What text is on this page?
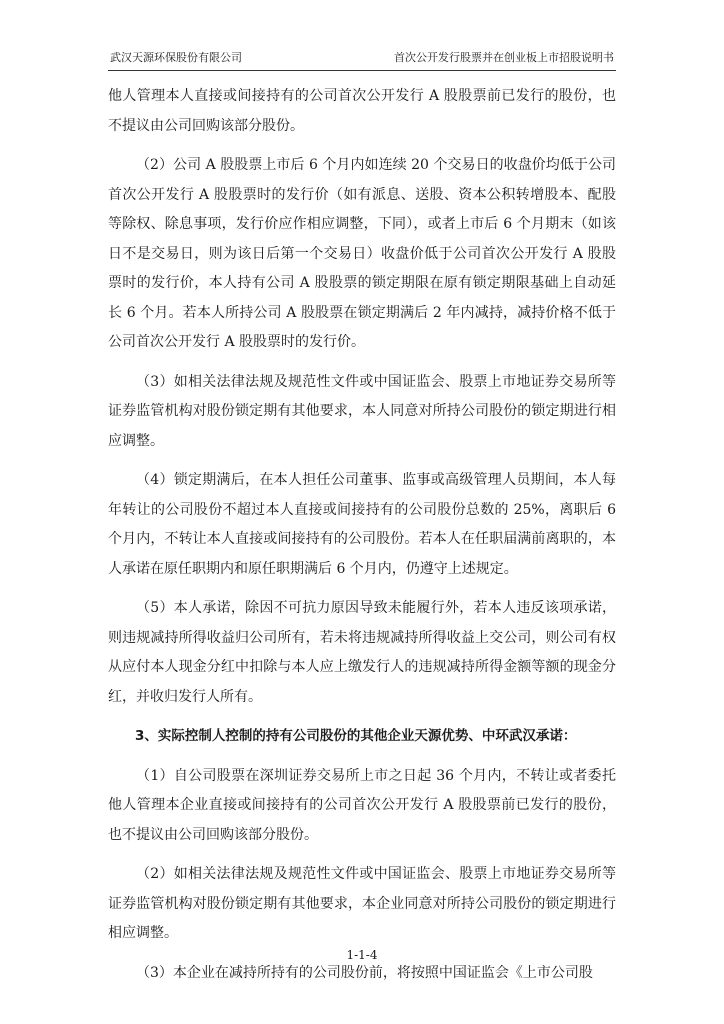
武汉天源环保股份有限公司	首次公开发行股票并在创业板上市招股说明书

他人管理本人直接或间接持有的公司首次公开发行 A 股股票前已发行的股份，也不提议由公司回购该部分股份。

（2）公司 A 股股票上市后 6 个月内如连续 20 个交易日的收盘价均低于公司首次公开发行 A 股股票时的发行价（如有派息、送股、资本公积转增股本、配股等除权、除息事项，发行价应作相应调整，下同），或者上市后 6 个月期末（如该日不是交易日，则为该日后第一个交易日）收盘价低于公司首次公开发行 A 股股票时的发行价，本人持有公司 A 股股票的锁定期限在原有锁定期限基础上自动延长 6 个月。若本人所持公司 A 股股票在锁定期满后 2 年内减持，减持价格不低于公司首次公开发行 A 股股票时的发行价。

（3）如相关法律法规及规范性文件或中国证监会、股票上市地证券交易所等证券监管机构对股份锁定期有其他要求，本人同意对所持公司股份的锁定期进行相应调整。

（4）锁定期满后，在本人担任公司董事、监事或高级管理人员期间，本人每年转让的公司股份不超过本人直接或间接持有的公司股份总数的 25%，离职后 6 个月内，不转让本人直接或间接持有的公司股份。若本人在任职届满前离职的，本人承诺在原任职期内和原任职期满后 6 个月内，仍遵守上述规定。

（5）本人承诺，除因不可抗力原因导致未能履行外，若本人违反该项承诺，则违规减持所得收益归公司所有，若未将违规减持所得收益上交公司，则公司有权从应付本人现金分红中扣除与本人应上缴发行人的违规减持所得金额等额的现金分红，并收归发行人所有。

3、实际控制人控制的持有公司股份的其他企业天源优势、中环武汉承诺：

（1）自公司股票在深圳证券交易所上市之日起 36 个月内，不转让或者委托他人管理本企业直接或间接持有的公司首次公开发行 A 股股票前已发行的股份，也不提议由公司回购该部分股份。

（2）如相关法律法规及规范性文件或中国证监会、股票上市地证券交易所等证券监管机构对股份锁定期有其他要求，本企业同意对所持公司股份的锁定期进行相应调整。

（3）本企业在减持所持有的公司股份前，将按照中国证监会《上市公司股

1-1-4
